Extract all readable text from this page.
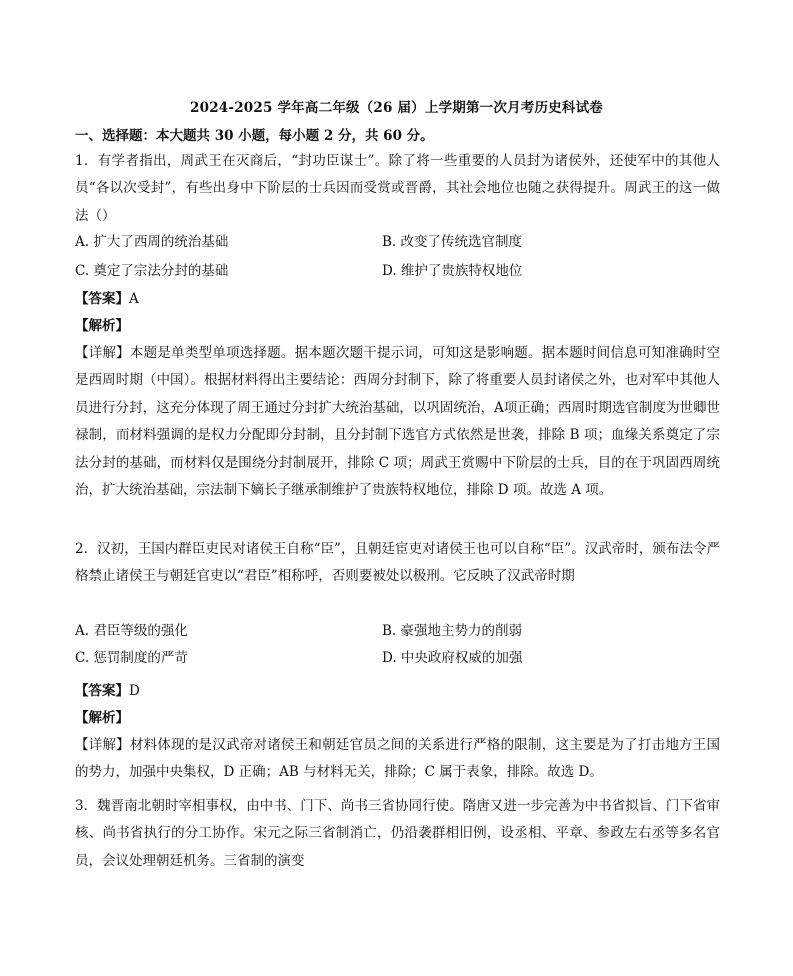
2024-2025 学年高二年级（26 届）上学期第一次月考历史科试卷
一、选择题：本大题共 30 小题，每小题 2 分，共 60 分。

1．有学者指出，周武王在灭商后，“封功臣谋士”。除了将一些重要的人员封为诸侯外，还使军中的其他人员“各以次受封”，有些出身中下阶层的士兵因而受赏或晋爵，其社会地位也随之获得提升。周武王的这一做法（）

A. 扩大了西周的统治基础	B. 改变了传统选官制度
C. 奠定了宗法分封的基础	D. 维护了贵族特权地位
【答案】A
【解析】

【详解】本题是单类型单项选择题。据本题次题干提示词，可知这是影响题。据本题时间信息可知准确时空是西周时期（中国）。根据材料得出主要结论：西周分封制下，除了将重要人员封诸侯之外，也对军中其他人员进行分封，这充分体现了周王通过分封扩大统治基础，以巩固统治，A项正确；西周时期选官制度为世卿世禄制，而材料强调的是权力分配即分封制，且分封制下选官方式依然是世袭，排除 B 项；血缘关系奠定了宗法分封的基础，而材料仅是围绕分封制展开，排除 C 项；周武王赏赐中下阶层的士兵，目的在于巩固西周统治，扩大统治基础，宗法制下嫡长子继承制维护了贵族特权地位，排除 D 项。故选 A 项。

2．汉初，王国内群臣吏民对诸侯王自称“臣”，且朝廷宦吏对诸侯王也可以自称“臣”。汉武帝时，颁布法令严格禁止诸侯王与朝廷官吏以“君臣”相称呼，否则要被处以极刑。它反映了汉武帝时期

A. 君臣等级的强化	B. 豪强地主势力的削弱
C. 惩罚制度的严苛	D. 中央政府权威的加强
【答案】D
【解析】

【详解】材料体现的是汉武帝对诸侯王和朝廷官员之间的关系进行严格的限制，这主要是为了打击地方王国的势力，加强中央集权，D 正确；AB 与材料无关，排除；C 属于表象，排除。故选 D。

3．魏晋南北朝时宰相事权，由中书、门下、尚书三省协同行使。隋唐又进一步完善为中书省拟旨、门下省审核、尚书省执行的分工协作。宋元之际三省制消亡，仍沿袭群相旧例，设丞相、平章、参政左右丞等多名官员，会议处理朝廷机务。三省制的演变
